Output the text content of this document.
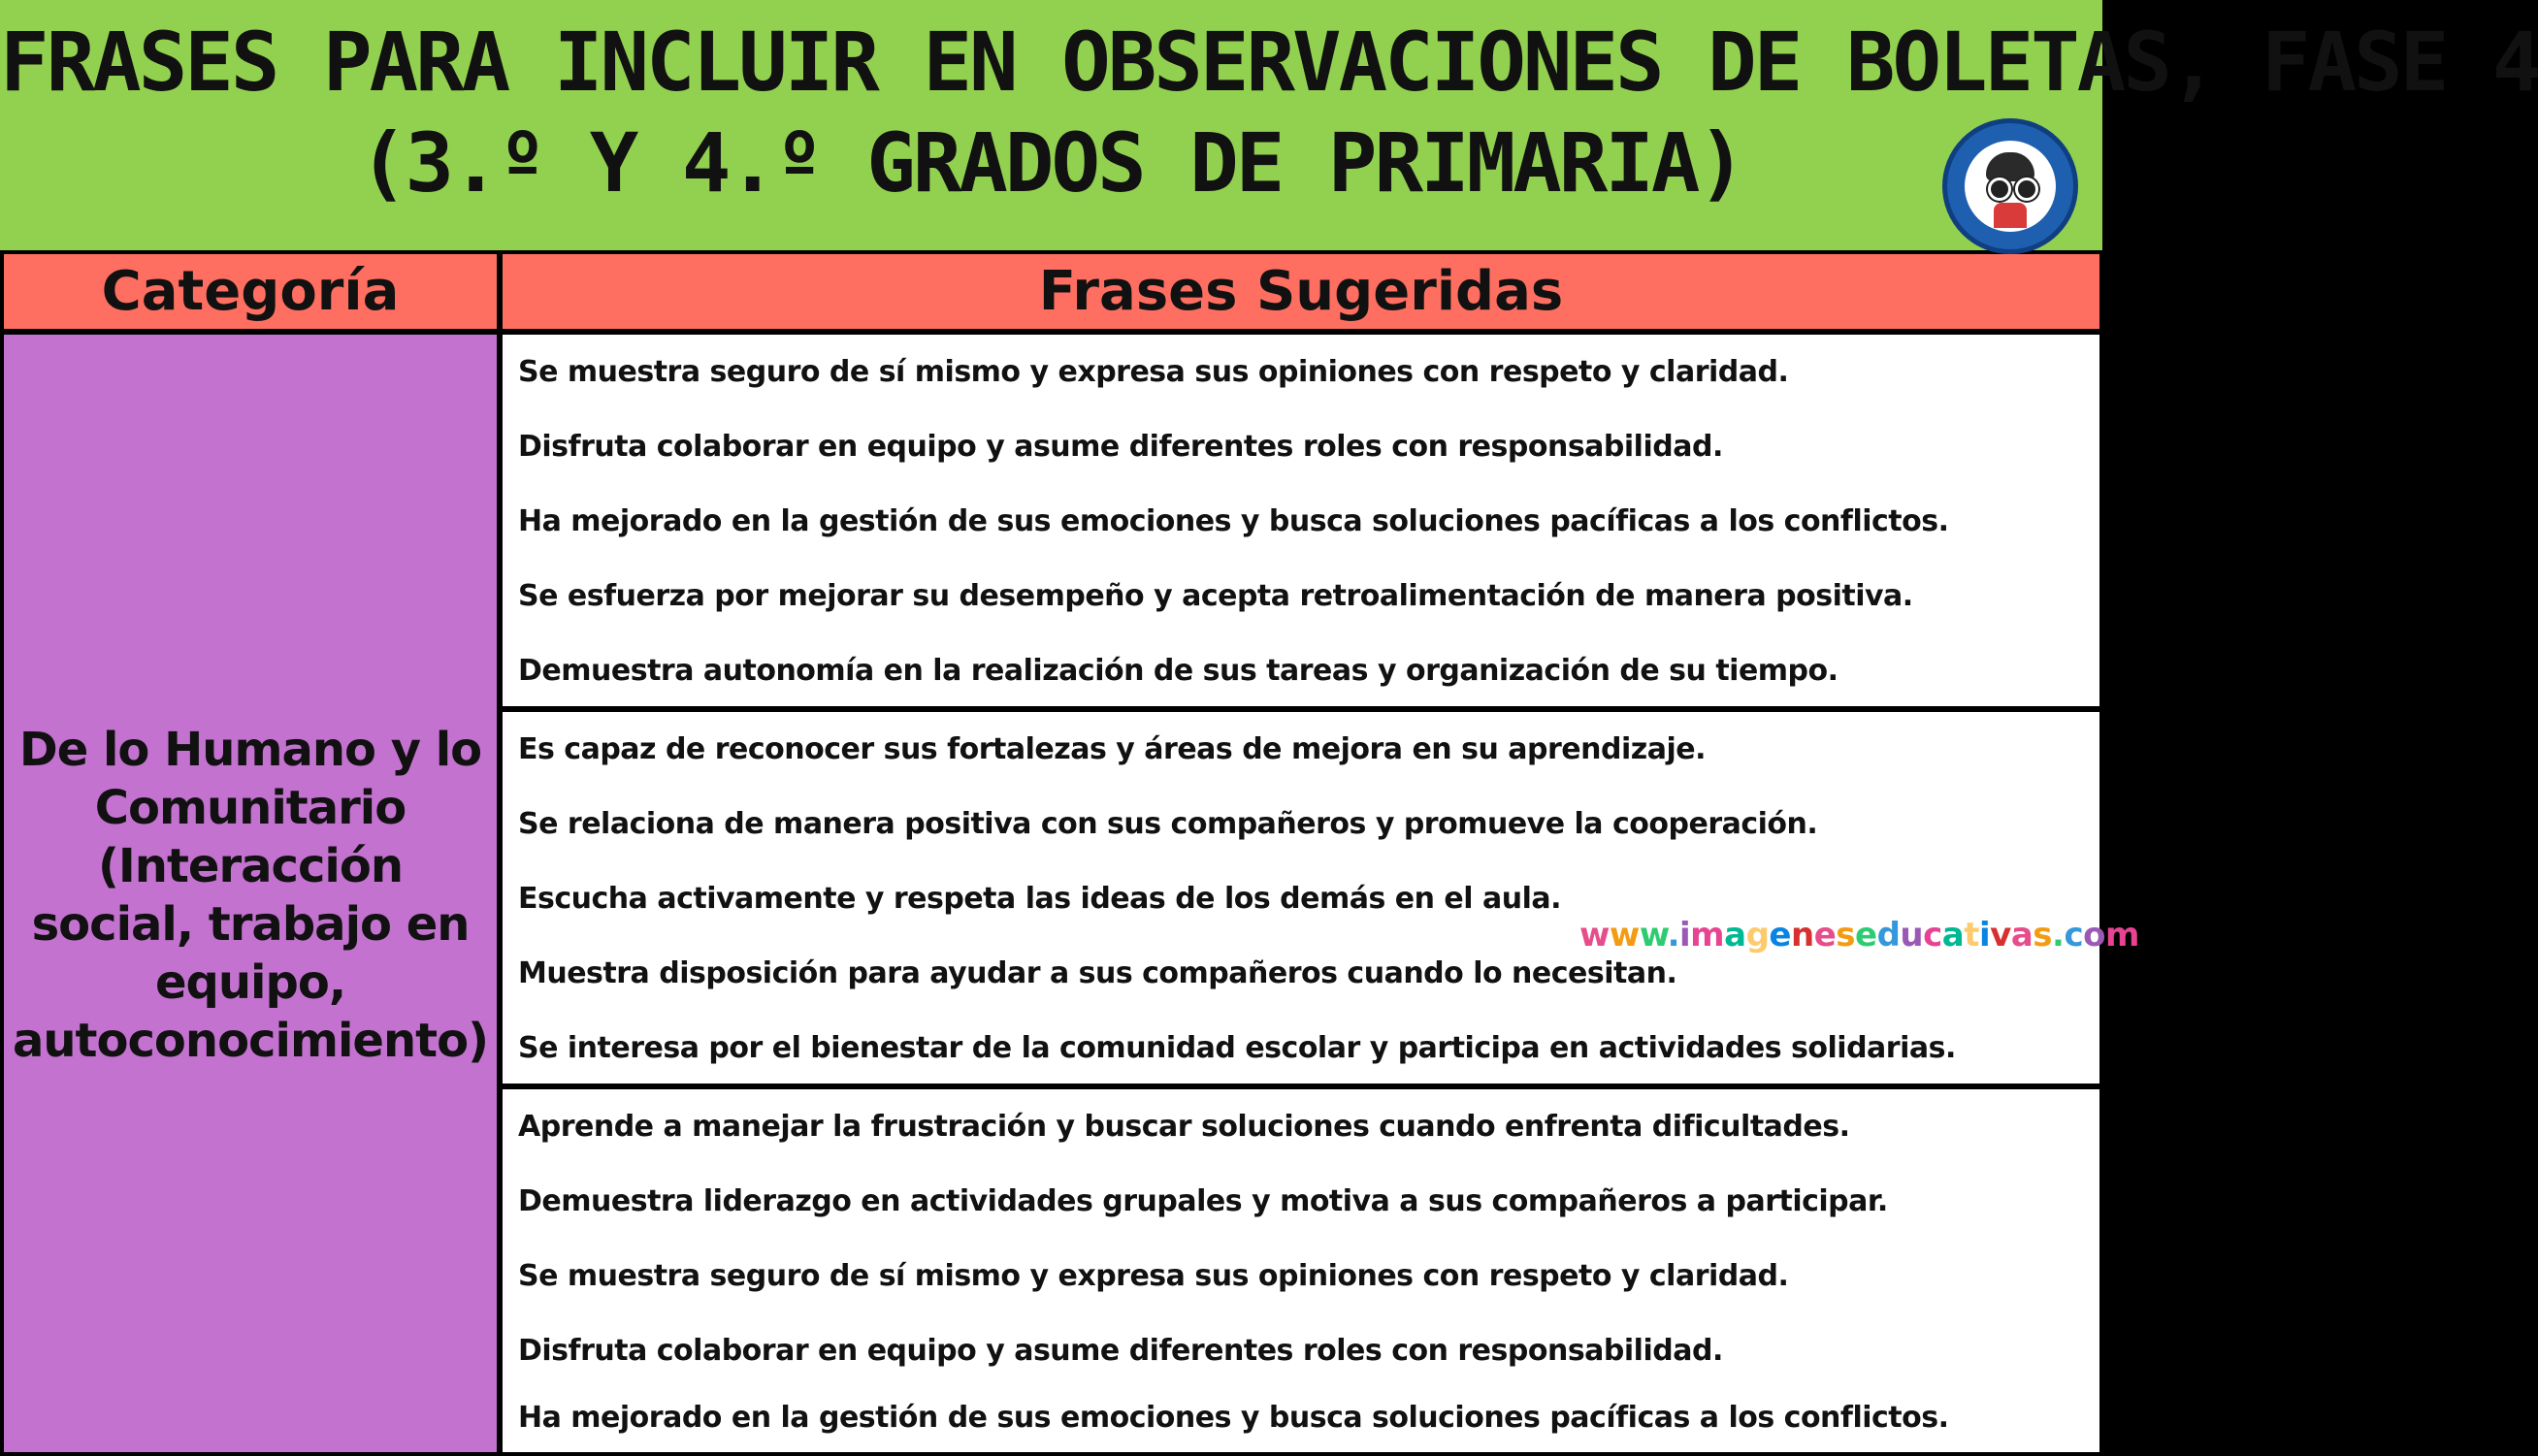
FRASES PARA INCLUIR EN OBSERVACIONES DE BOLETAS, FASE 4
(3.º Y 4.º GRADOS DE PRIMARIA)
Categoría	Frases Sugeridas
De lo Humano y lo
Comunitario
(Interacción
social, trabajo en
equipo,
autoconocimiento)
Se muestra seguro de sí mismo y expresa sus opiniones con respeto y claridad.
Disfruta colaborar en equipo y asume diferentes roles con responsabilidad.
Ha mejorado en la gestión de sus emociones y busca soluciones pacíficas a los conflictos.
Se esfuerza por mejorar su desempeño y acepta retroalimentación de manera positiva.
Demuestra autonomía en la realización de sus tareas y organización de su tiempo.
Es capaz de reconocer sus fortalezas y áreas de mejora en su aprendizaje.
Se relaciona de manera positiva con sus compañeros y promueve la cooperación.
Escucha activamente y respeta las ideas de los demás en el aula.
Muestra disposición para ayudar a sus compañeros cuando lo necesitan.
Se interesa por el bienestar de la comunidad escolar y participa en actividades solidarias.
Aprende a manejar la frustración y buscar soluciones cuando enfrenta dificultades.
Demuestra liderazgo en actividades grupales y motiva a sus compañeros a participar.
Se muestra seguro de sí mismo y expresa sus opiniones con respeto y claridad.
Disfruta colaborar en equipo y asume diferentes roles con responsabilidad.
Ha mejorado en la gestión de sus emociones y busca soluciones pacíficas a los conflictos.
www.imageneseducativas.com
